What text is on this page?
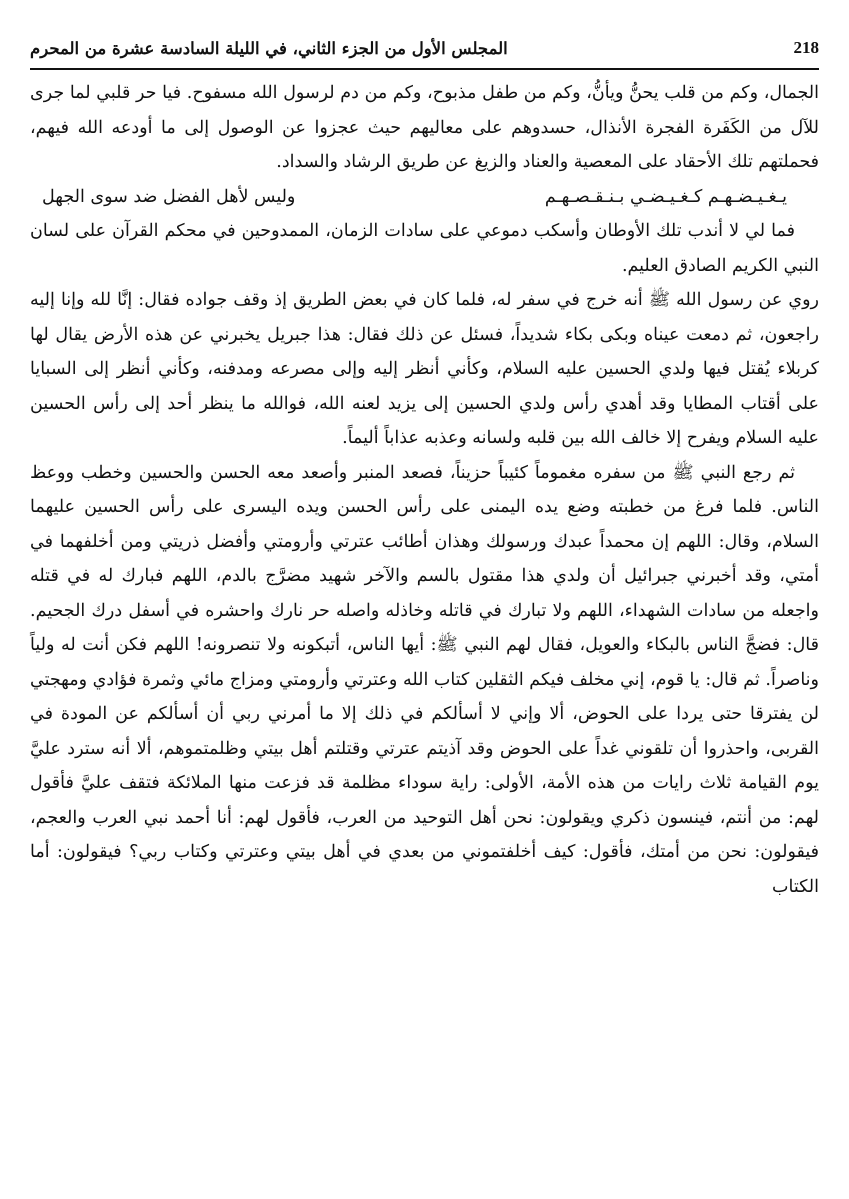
218
المجلس الأول من الجزء الثاني، في الليلة السادسة عشرة من المحرم

الجمال، وكم من قلب يحنُّ ويأنُّ، وكم من طفل مذبوح، وكم من دم لرسول الله مسفوح. فيا حر قلبي لما جرى للآل من الكَفَرة الفجرة الأنذال، حسدوهم على معاليهم حيث عجزوا عن الوصول إلى ما أودعه الله فيهم، فحملتهم تلك الأحقاد على المعصية والعناد والزيغ عن طريق الرشاد والسداد.

يـغـيـضـهـم كـغـيـضـي بـنـقـصـهـم
وليس لأهل الفضل ضد سوى الجهل

فما لي لا أندب تلك الأوطان وأسكب دموعي على سادات الزمان، الممدوحين في محكم القرآن على لسان النبي الكريم الصادق العليم.

روي عن رسول الله ﷺ أنه خرج في سفر له، فلما كان في بعض الطريق إذ وقف جواده فقال: إنَّا لله وإنا إليه راجعون، ثم دمعت عيناه وبكى بكاء شديداً، فسئل عن ذلك فقال: هذا جبريل يخبرني عن هذه الأرض يقال لها كربلاء يُقتل فيها ولدي الحسين عليه السلام، وكأني أنظر إليه وإلى مصرعه ومدفنه، وكأني أنظر إلى السبايا على أقتاب المطايا وقد أهدي رأس ولدي الحسين إلى يزيد لعنه الله، فوالله ما ينظر أحد إلى رأس الحسين عليه السلام ويفرح إلا خالف الله بين قلبه ولسانه وعذبه عذاباً أليماً.

ثم رجع النبي ﷺ من سفره مغموماً كئيباً حزيناً، فصعد المنبر وأصعد معه الحسن والحسين وخطب ووعظ الناس. فلما فرغ من خطبته وضع يده اليمنى على رأس الحسن ويده اليسرى على رأس الحسين عليهما السلام، وقال: اللهم إن محمداً عبدك ورسولك وهذان أطائب عترتي وأرومتي وأفضل ذريتي ومن أخلفهما في أمتي، وقد أخبرني جبرائيل أن ولدي هذا مقتول بالسم والآخر شهيد مضرَّج بالدم، اللهم فبارك له في قتله واجعله من سادات الشهداء، اللهم ولا تبارك في قاتله وخاذله واصله حر نارك واحشره في أسفل درك الجحيم. قال: فضجَّ الناس بالبكاء والعويل، فقال لهم النبي ﷺ: أيها الناس، أتبكونه ولا تنصرونه! اللهم فكن أنت له ولياً وناصراً. ثم قال: يا قوم، إني مخلف فيكم الثقلين كتاب الله وعترتي وأرومتي ومزاج مائي وثمرة فؤادي ومهجتي لن يفترقا حتى يردا على الحوض، ألا وإني لا أسألكم في ذلك إلا ما أمرني ربي أن أسألكم عن المودة في القربى، واحذروا أن تلقوني غداً على الحوض وقد آذيتم عترتي وقتلتم أهل بيتي وظلمتموهم، ألا أنه سترد عليَّ يوم القيامة ثلاث رايات من هذه الأمة، الأولى: راية سوداء مظلمة قد فزعت منها الملائكة فتقف عليَّ فأقول لهم: من أنتم، فينسون ذكري ويقولون: نحن أهل التوحيد من العرب، فأقول لهم: أنا أحمد نبي العرب والعجم، فيقولون: نحن من أمتك، فأقول: كيف أخلفتموني من بعدي في أهل بيتي وعترتي وكتاب ربي؟ فيقولون: أما الكتاب
